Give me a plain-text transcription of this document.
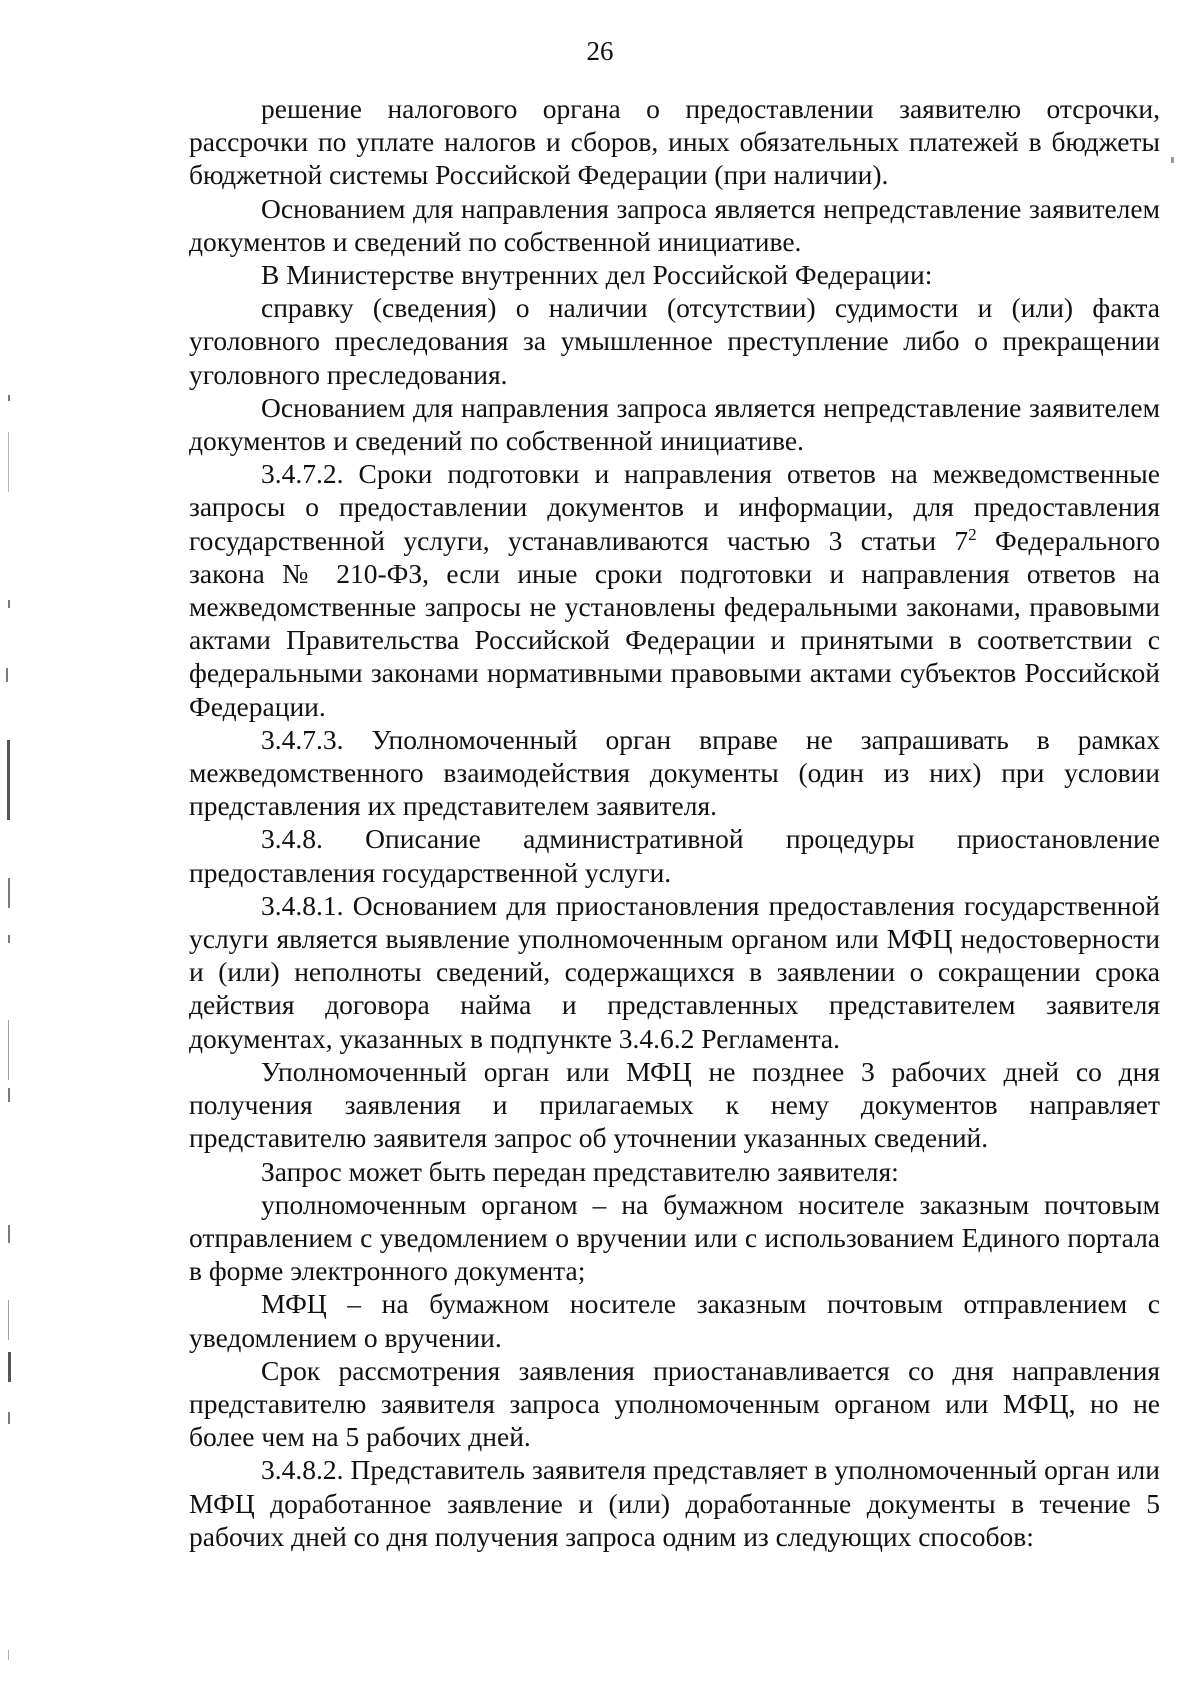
26

решение налогового органа о предоставлении заявителю отсрочки, рассрочки по уплате налогов и сборов, иных обязательных платежей в бюджеты бюджетной системы Российской Федерации (при наличии).

Основанием для направления запроса является непредставление заявителем документов и сведений по собственной инициативе.

В Министерстве внутренних дел Российской Федерации:

справку (сведения) о наличии (отсутствии) судимости и (или) факта уголовного преследования за умышленное преступление либо о прекращении уголовного преследования.

Основанием для направления запроса является непредставление заявителем документов и сведений по собственной инициативе.

3.4.7.2. Сроки подготовки и направления ответов на межведомственные запросы о предоставлении документов и информации, для предоставления государственной услуги, устанавливаются частью 3 статьи $7^2$ Федерального закона № 210-ФЗ, если иные сроки подготовки и направления ответов на межведомственные запросы не установлены федеральными законами, правовыми актами Правительства Российской Федерации и принятыми в соответствии с федеральными законами нормативными правовыми актами субъектов Российской Федерации.

3.4.7.3. Уполномоченный орган вправе не запрашивать в рамках межведомственного взаимодействия документы (один из них) при условии представления их представителем заявителя.

3.4.8. Описание административной процедуры приостановление предоставления государственной услуги.

3.4.8.1. Основанием для приостановления предоставления государственной услуги является выявление уполномоченным органом или МФЦ недостоверности и (или) неполноты сведений, содержащихся в заявлении о сокращении срока действия договора найма и представленных представителем заявителя документах, указанных в подпункте 3.4.6.2 Регламента.

Уполномоченный орган или МФЦ не позднее 3 рабочих дней со дня получения заявления и прилагаемых к нему документов направляет представителю заявителя запрос об уточнении указанных сведений.

Запрос может быть передан представителю заявителя:

уполномоченным органом – на бумажном носителе заказным почтовым отправлением с уведомлением о вручении или с использованием Единого портала в форме электронного документа;

МФЦ – на бумажном носителе заказным почтовым отправлением с уведомлением о вручении.

Срок рассмотрения заявления приостанавливается со дня направления представителю заявителя запроса уполномоченным органом или МФЦ, но не более чем на 5 рабочих дней.

3.4.8.2. Представитель заявителя представляет в уполномоченный орган или МФЦ доработанное заявление и (или) доработанные документы в течение 5 рабочих дней со дня получения запроса одним из следующих способов:
